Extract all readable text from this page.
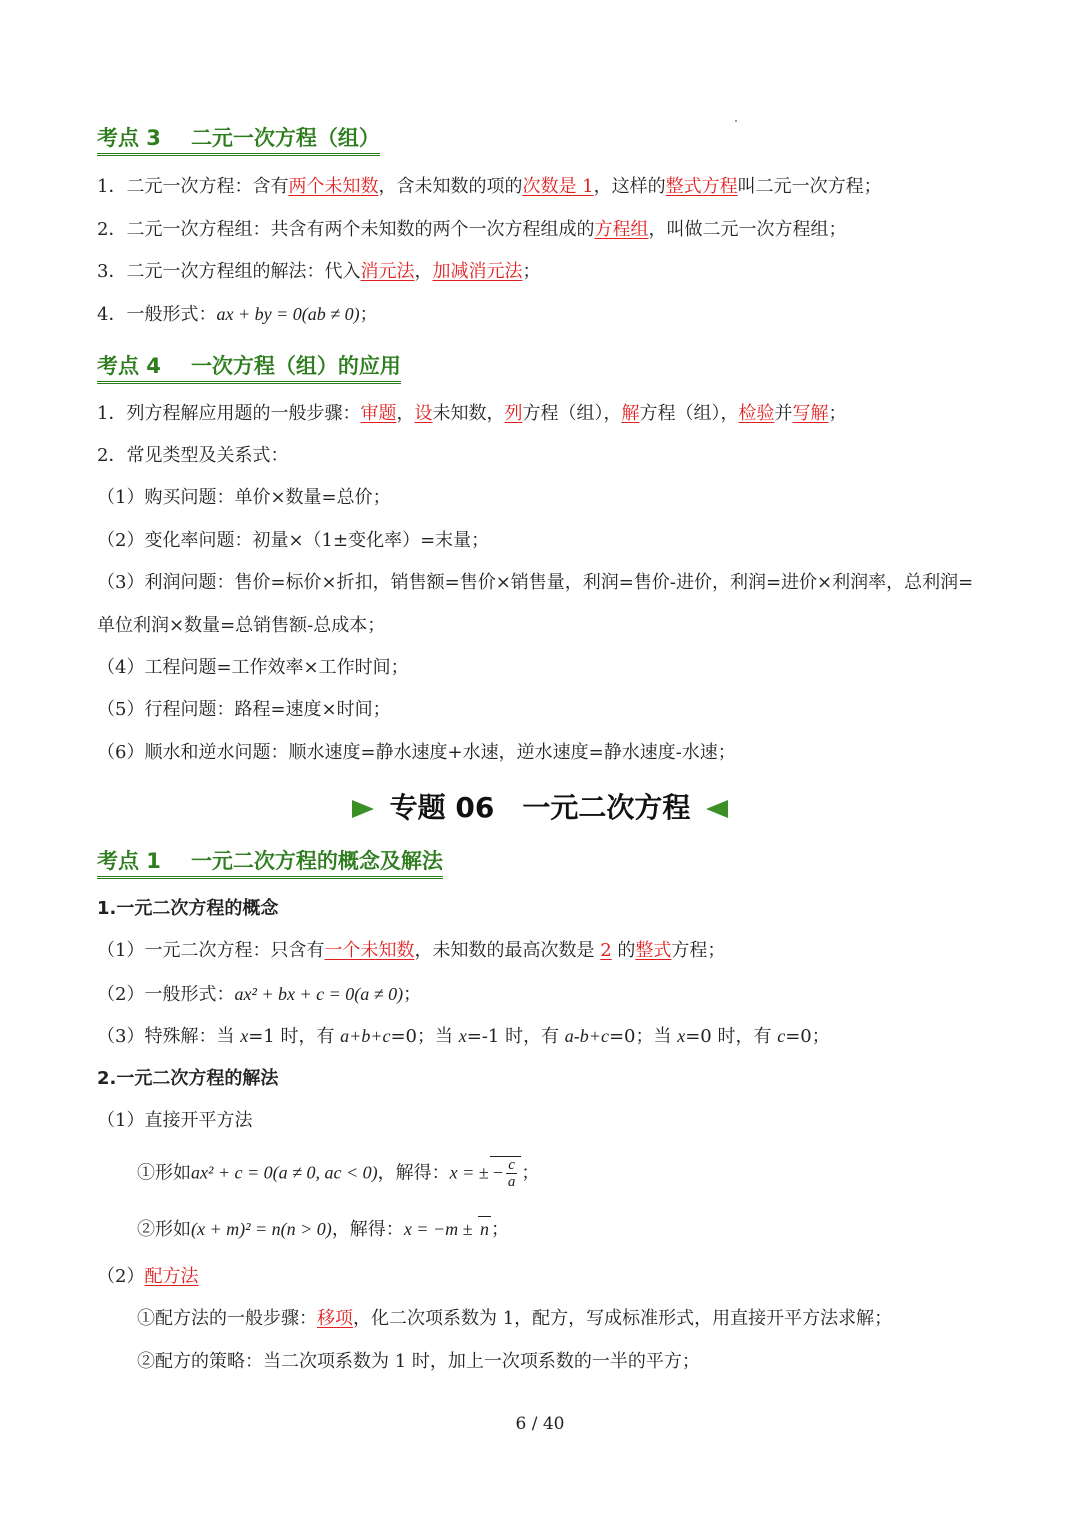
考点 3 二元一次方程（组）
1．二元一次方程：含有两个未知数，含未知数的项的次数是 1，这样的整式方程叫二元一次方程；
2．二元一次方程组：共含有两个未知数的两个一次方程组成的方程组，叫做二元一次方程组；
3．二元一次方程组的解法：代入消元法，加减消元法；
4．一般形式：ax + by = 0(ab ≠ 0)；
考点 4 一次方程（组）的应用
1．列方程解应用题的一般步骤：审题，设未知数，列方程（组），解方程（组），检验并写解；
2．常见类型及关系式：
（1）购买问题：单价×数量=总价；
（2）变化率问题：初量×（1±变化率）=末量；
（3）利润问题：售价=标价×折扣，销售额=售价×销售量，利润=售价-进价，利润=进价×利润率，总利润=
单位利润×数量=总销售额-总成本；
（4）工程问题=工作效率×工作时间；
（5）行程问题：路程=速度×时间；
（6）顺水和逆水问题：顺水速度=静水速度+水速，逆水速度=静水速度-水速；
专题 06　一元二次方程
考点 1 一元二次方程的概念及解法
1.一元二次方程的概念
（1）一元二次方程：只含有一个未知数，未知数的最高次数是 2 的整式方程；
（2）一般形式：ax² + bx + c = 0(a ≠ 0)；
（3）特殊解：当 x=1 时，有 a+b+c=0；当 x=-1 时，有 a-b+c=0；当 x=0 时，有 c=0；
2.一元二次方程的解法
（1）直接开平方法
①形如ax² + c = 0(a ≠ 0, ac < 0)，解得：x = ± − $\frac{c}{a}$ ；
②形如(x + m)² = n(n > 0)，解得：x = −m ± n ；
（2）配方法
①配方法的一般步骤：移项，化二次项系数为 1，配方，写成标准形式，用直接开平方法求解；
②配方的策略：当二次项系数为 1 时，加上一次项系数的一半的平方；
6 / 40
